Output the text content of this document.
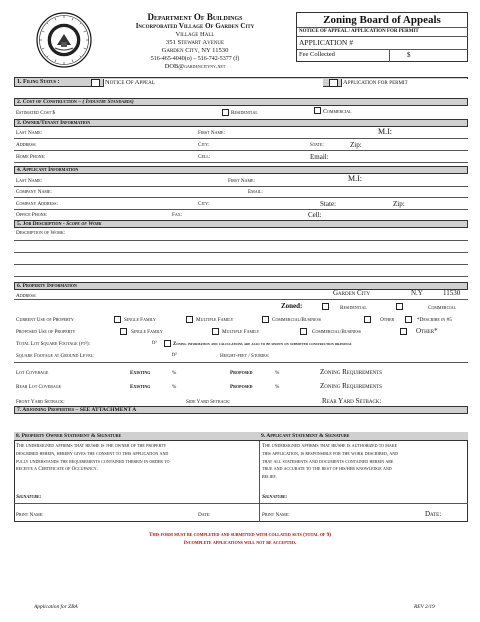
Department Of Buildings
Incorporated Village Of Garden City
Village Hall
351 Stewart Avenue
Garden City, NY 11530
516-465-4040(o) – 516-742-5377 (f)
DOB@gardencityny.net
Zoning Board of Appeals
NOTICE OF APPEAL / APPLICATION FOR PERMIT
APPLICATION #
Fee Collected	$
1. Filing Status :	Notice Of Appeal	Application for permit
2. Cost of Construction – ( Industry Standards)
Estimated Cost $	Residential	Commercial
3. Owner/Tenant Information
Last Name:	First Name:	M.I:
Address:	City:	State:	Zip:
Home Phone:	Cell:	Email:
4. Applicant Information
Last Name:	First Name:	M.I:
Company Name:	Email:
Company Address:	City:	State:	Zip:
Office Phone:	Fax:	Cell:
5. Job Description - Scope of Work
Description of Work:
6. Property Information
Address:	Garden City	N.Y	11530
Zoned:	Residential	Commercial
Current Use of Property	Single Family	Multiple Family	Commercial/Business	Other	*Describe in #5
Proposed Use of Property	Single Family	Multiple Family	Commercial/Business	Other*
Total Lot Square Footage (ft²):	ft²	Zoning information and calculations are also to be shown on submitted construction drawings
Square Footage at Ground Level:	ft²	Height-feet / Stories:
Lot Coverage	Existing	%	Proposed	%	Zoning Requirements
Rear Lot Coverage	Existing	%	Proposed	%	Zoning Requirements
Front Yard Setback:	Side Yard Setback:	Rear Yard Setback:
7. Adjoining Properties – SEE ATTACHMENT A
8. Property Owner Statement & Signature	9. Applicant Statement & Signature
The undersigned affirms that he/she is the owner of the property
described herein, hereby gives the consent to this application and
fully understands the requirements contained therein in order to
receive a Certificate of Occupancy.
The undersigned affirms that he/she is authorized to make
this application, is responsible for the work described, and
that all statements and documents contained herein are
true and accurate to the best of his/her knowledge and
belief.
Signature:	Signature:
Print Name:	Date:	Print Name:	Date:
This form must be completed and submitted with collated sets (total of 9)
Incomplete applications will not be accepted.
Application for ZBA	REV 2/19
